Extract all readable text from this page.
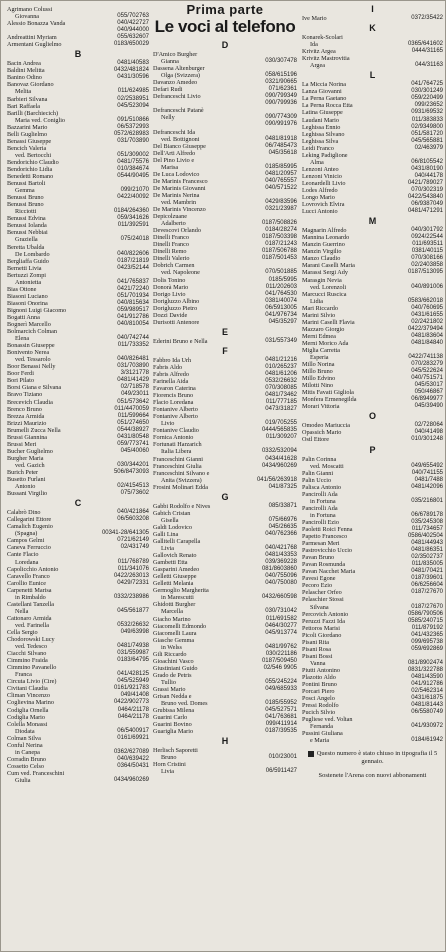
Prima parte
Le voci al telefono
Agrimano Colussi
Giovanna	055/702763
Alessio Bonazza Vanda	040/422727
040/944000
Andreattini Myriam	055/632607
Armentani Guglielmo	0183/650029
B
Bacin Andrea	0481/40583
Baldini Melitta	0432/481824
Banino Odino	0431/30596
Banovaz Giordano
Melita	011/624985
Barbieri Silvana	02/2538951
Bari Raffaela	045/523094
Barilli (Barchiecich)
Maria ved. Coniglio	091/510866
Bazzarini Mario	06/5372993
Belli Guglielmo	0572/628983
Benassi Giuseppe	031/703890
Bencich Valeria
ved. Bertocchi	051/309002
Bendorichio Claudio	0481/75576
Bendorichio Lidia	010/384674
Benedetti Romano	0544/90495
Benussi Bartoli
Gemma	099/21070
Benussi Bruno	0422/40092
Benussi Bruno
Ricciotti	0184/264360
Benussi Edvina	059/341626
Benussi Iolanda	011/392591
Benussi Nebbiai
Graziella	075/24018
Beretta Ubalda
De Lombardo	040/822606
Bergliaffa Guido	0187/21819
Bernetti Livia	0423/52144
Bertuzzi Zompi
Antonietta	041/765837
Bias Ottone	0421/72240
Biasoni Luciano	051/701934
Biasoni Onorina	040/815634
Bignoni Luigi Giacomo	059/989517
Bogatti Anna	041/912786
Bognerì Marcello	040/810054
Bolmarcich Colman
Elena	040/742744
Bonassin Giuseppe	011/733352
Bonivento Nerea
ved. Tessarolo	040/826481
Boor Benassi Nelly	031/703890
Boor Ferdi	3/3121778
Bori Pilato	0481/41429
Borsi Giana e Silvana	02/718578
Bravo Tiziano	049/23011
Brecevich Claudia	051/573642
Brenco Bruno	011/4470059
Brezza Armida	011/599664
Brizzi Maurizio	051/274650
Brumelli Zucca Nella	0544/38927
Brussi Giannina	0431/80548
Brussi Meri	059/773741
Bucher Guglielmo	045/40060
Burgher Maria
ved. Gazich	030/344201
Burich Peter	506/8473093
Busetto Furlani
Antonio	02/4154513
Bussani Virgilio	075/73602
C
Calabrò Dino	040/421864
Callegarini Ettore	06/5603208
Camalich Eugenio
(Spagna)	00341-28/641305
Campos Gelmi	0721/62149
Caneva Ferruccio	02/431749
Cante Flacio
Loredana	011/768789
Capolicchio Antonio	011/341076
Caravello Franco	0422/263013
Carollio Eunice	0429/72331
Carpenetti Marisa
in Rimbaldo	0332/238986
Castellani Tanzella
Nella	045/561877
Cattonaro Armida
ved. Farinella	0532/26632
Cella Sergio	049/63998
Chodorowski Lucy
ved. Tedesco	0481/74938
Ciacchi Silvano	031/559987
Cimmino Fraida	0183/64795
Cimmino Pavanello
Franca	041/428125
Circuta Livio (Cire)	045/525949
Civitani Claudia	0161/921783
Climan Vincenzo	049/41408
Coglievina Marino	0422/902773
Codiglia Ornella	0464/21178
Codiglia Mario	0464/21178
Colella Monassi
Diodata	06/5400917
Colman Silva	0161/69921
Conful Nerina
in Canepa	0362/627089
Corradin Bruno	040/639422
Cossetto Celso	0364/50431
Cum ved. Franceschini
Giulia	0434/960269
D
D'Amico Burgher
Gianna	030/307478
Dassena Altenburger
Olga (Svizzera)	058/615196
Davanzo Amedeo	0321/90665
Defari Rudi	071/62361
Defranceschi Livio	090/799349
090/799936
Defranceschi Patanè
Nelly	090/774309
090/991976
Defranceschi Ida
ved. Bottignoni	0481/81918
Del Bianco Giuseppe	06/7485473
Dell'Arti Alfredo	045/35618
Del Pino Livio e
Marisa	0185/85995
De Luca Lodovico	0481/20957
De Marinis Francesco	040/765557
De Marinis Giovanni	040/571522
De Marinis Nerina
ved. Mambrin	0429/83596
De Marinis Vincenzo	0321/23987
Depicolzuane
Adalberto	0187/508826
Devescovi Orlando	0184/28274
Dinelli Franco	0187/503398
Dinelli Franco	0187/21243
Dinelli Remo	0187/506788
Dinelli Valerio	0187/501453
Dobrich Carmen
ved. Napoleone	070/501885
Dolis Tonino	0185/5995
Donorà Mario	011/202603
Dorigo Livio	041/764530
Dorigluzzo Albino	0381/40074
Dorigluzzo Pietro	06/5913005
Dozzi Davide	041/976734
Durisotti Antenore	045/35297
E
Ederini Bruno e Nella	031/557349
F
Fabbro Ida Urh	0481/21216
Fabris Aldo	010/265237
Fabris Alfredo	0481/61206
Farinella Aida	0532/26632
Favaron Caterina	070/308085
Fiorencis Bruno	0481/73462
Flacio Loredana	011/777185
Fontanive Alberto	0473/31827
Fontanive Alberto
Livio	019/705255
Fontanive Claudio	0444/565835
Fornica Antonio	011/309207
Fortunati Harzarich
Italia Libera	0332/532094
Franceschini Gianni	0434/41628
Franceschini Giulia	0434/960269
Franceschini Silvano e
Anita (Svizzera)	041/56/263918
Frosini Molinari Edda	041/87325
G
Gabbi Rodolfo e Nives	085/33871
Gabich Cristan
Gisella	075/66976
Galdi Lodovico	045/26635
Galli Lina	040/762366
Gallitelli Carapella
Livia	040/421768
Gallovich Renato	0481/43353
Gambetti Etta	039/369228
Gasparini Amedeo	081/8603860
Gelletti Giuseppe	040/755096
Gelletti Melania	040/750080
Germoglio Margherita
in Marescutti	0432/660598
Ghidotti Burgher
Marcella	030/731042
Giacho Marino	011/691582
Giacomelli Edmondo	0464/30277
Giacomelli Laura	045/913774
Giasche Gemma
in Welss	0481/99762
Gili Riccardo	030/221186
Gioachini Vasco	0187/509450
Giustiniani Guido	02/546 9905
Grado de Petris
Tullio	055/245224
Grassi Mario	049/685933
Grisan Nedda e
Bruno ved. Domes	0185/55952
Grubissa Milena	045/527571
Guarini Carlo	041/763681
Guarini Bovino	099/411914
Guariglia Mario	0187/39535
H
Herlisch Saporetti
Bruno	010/23001
Horn Cristini
Livia	06/5911427
I
Ive Mario	0372/35422
K
Konarek-Scolari
Ida	0365/641602
Krivitz Argea	0444/31165
Krivitz Mastrovitia
Argea	044/31163
L
La Miccia Norina	041/764725
Lanza Giovanni	030/301249
La Perna Gaetano	059/220499
La Perna Rocca Etta	099/23652
Latina Giuseppe	0931/69532
Laudani Mario	011/383833
Leghissa Ennio	02/9349800
Leghissa Silvano	051/581720
Leghissa Silva	045/565881
Leidi Franco	02/463979
Leking Padiglione
Alma	06/8105542
Lenzoni Anteo	0431/80190
Lenzoni Vinicio	040/44178
Leonardelli Livio	0421/789027
Lodes Alfredo	070/302319
Longo Mario	0422/543840
Lovrovich Elvira	06/9387049
Lucci Antonio	0481/471291
M
Magnarin Alfredo	040/301792
Mannina Leonardo	0924/22544
Manzin Guerrino	011/693511
Manzin Virgilio	0381/40115
Manzo Claudio	070/308166
Marani Caselli Maria	02/2403858
Marassi Sergi Ady	0187/513095
Marasgin Nevia
ved. Lorenzoli	040/891006
Marcucci Ruscica
Lidia	0583/662018
Mari Riccardo	040/760695
Marini Silvio	0431/61655
Marini Caselli Flavia	02/2421802
Mazzaro Giorgio	0422/379494
Merni Edmea	0481/83604
Merni Morico Ada	0481/84840
Miglia Carretta
Esperia	0422/741138
Millo Norina	070/283279
Millo Bruno	045/522624
Millo Edvino	040/751571
Milotti Nino	045/53017
Mitis Favati Gigliola	050/46867
Monfera Ermenegilda	06/8949977
Morari Vittoria	045/39490
O
Omodeo Mariuccia	02/728064
Opassich Mario	040/41498
Ostl Ettore	010/301248
P
Palin Corinna
ved. Moscatti	049/655492
Palin Gianni	040/741155
Palin Uccio	0481/7488
Palisca Antonio	0481/42096
Pancirolli Ada
in Fortuna	035/216801
Pancirolli Ada
in Fortuna	06/6789178
Pancirolli Ezio	035/245308
Paoletti Roici Fenna	011/734657
Papetto Francesco	0586/402504
Parmesan Meri	0481/44943
Pastrovicchio Uccio	0481/86351
Pavan Bruno	02/3502737
Pavan Rosmunda	011/835005
Pavan Nacchet Maria	0481/70421
Pavesi Egone	0187/39601
Pecoro Ezio	06/6256604
Pelascher Orfeo	0187/27670
Pelaschier Stossi
Silvana	0187/27670
Percovich Antonio	0586/790506
Peruzzi Fazzi Ida	0585/240715
Pettoros Marisi	011/879192
Picoli Giordano	041/432365
Pisani Rita	099/695738
Pisani Rosa	059/692869
Pisani Bossi
Vanna	081/8902474
Piutti Antonino	0831/322788
Plazotto Aldo	0481/43590
Pontini Bruno	041/912786
Porcari Piero	02/5462314
Posci Angelo	0431/61875
Pressi Rodolfo	0481/81443
Pucich Silvio	06/5580749
Pugliese ved. Voltan
Fernanda	041/930972
Pussini Giuliana
e Maria	0184/61942
Questo numero è stato chiuso in tipografia il 5 gennaio.
Sostenete l'Arena con nuovi abbonamenti
